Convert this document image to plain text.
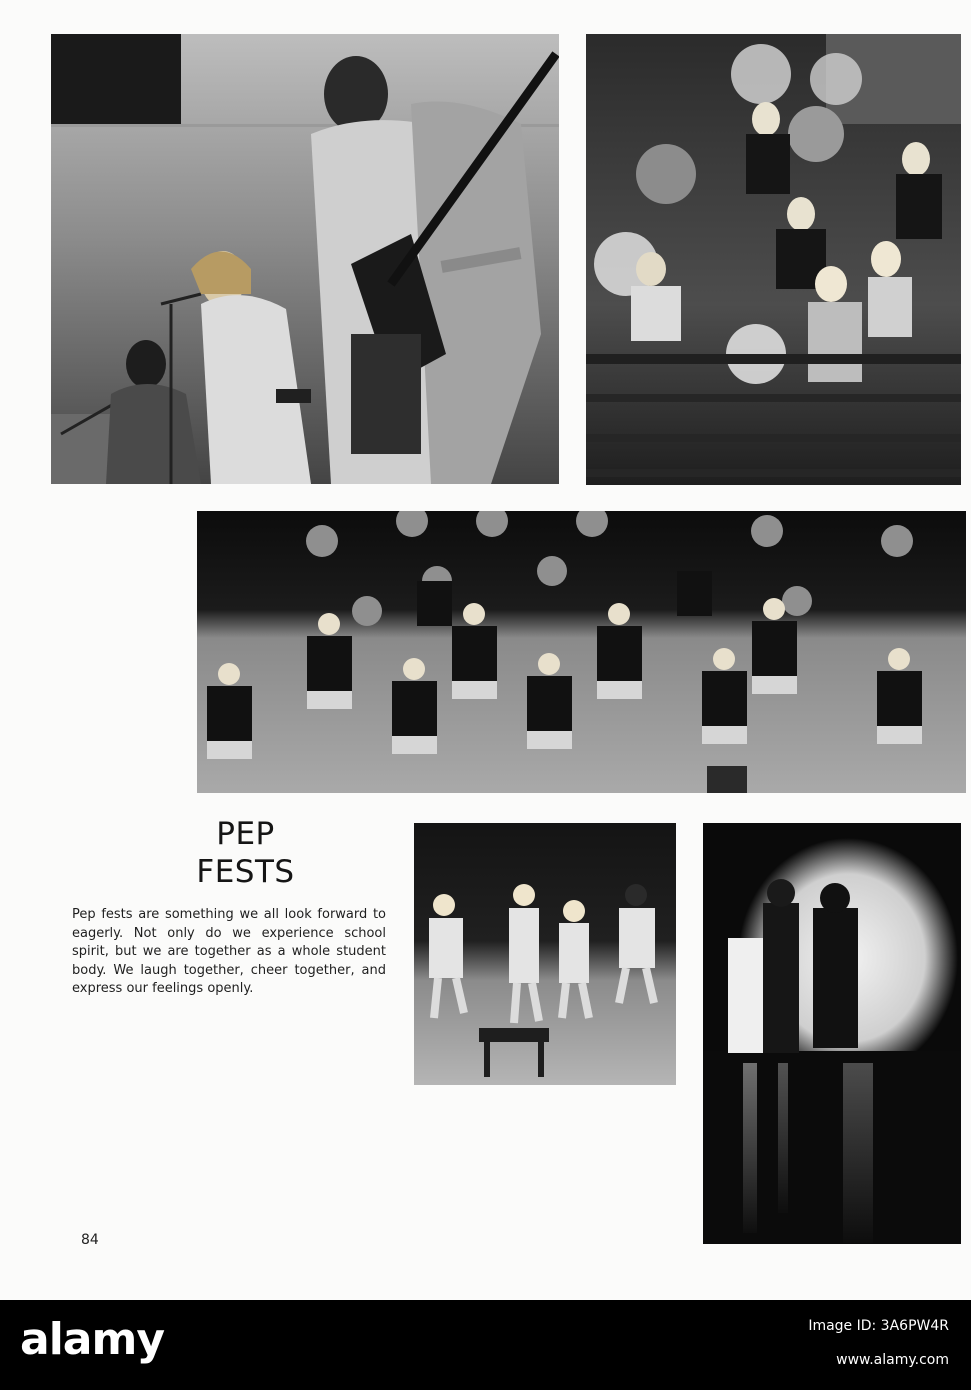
PEP
FESTS

Pep fests are something we all look forward to eagerly. Not only do we experience school spirit, but we are together as a whole student body. We laugh together, cheer together, and express our feelings openly.

84
alamy	Image ID: 3A6PW4R
www.alamy.com
